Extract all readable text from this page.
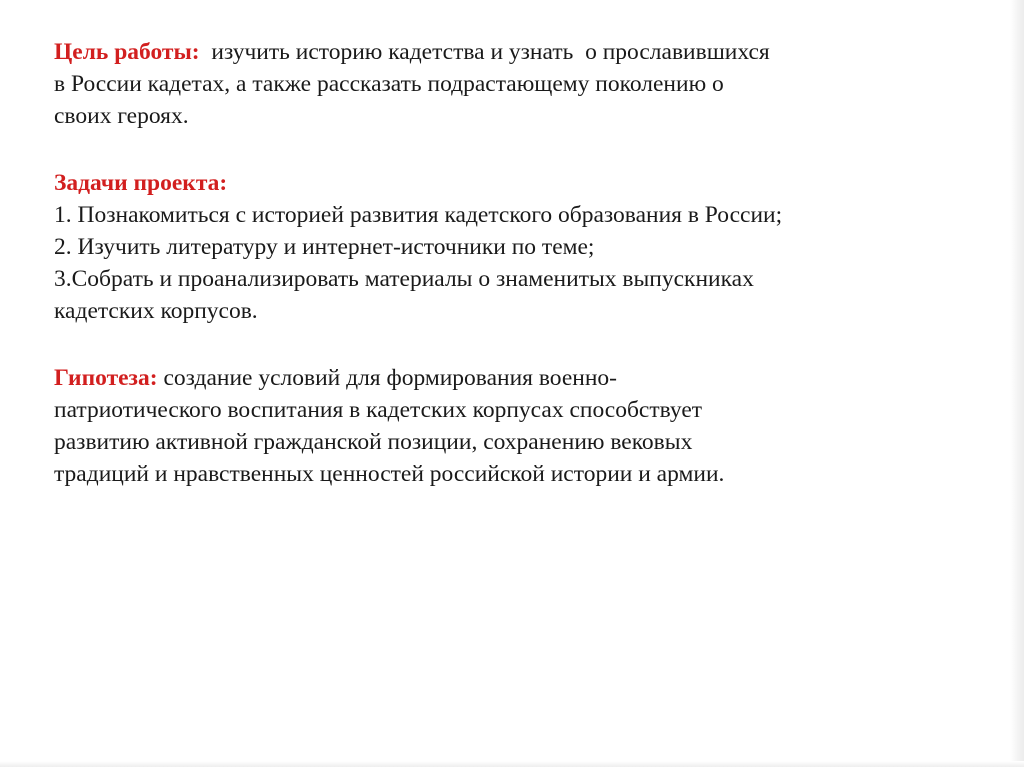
Цель работы:  изучить историю кадетства и узнать  о прославившихся
в России кадетах, а также рассказать подрастающему поколению о
своих героях.
Задачи проекта:
1. Познакомиться с историей развития кадетского образования в России;
2. Изучить литературу и интернет-источники по теме;
3.Собрать и проанализировать материалы о знаменитых выпускниках
кадетских корпусов.
Гипотеза: создание условий для формирования военно-
патриотического воспитания в кадетских корпусах способствует
развитию активной гражданской позиции, сохранению вековых
традиций и нравственных ценностей российской истории и армии.
